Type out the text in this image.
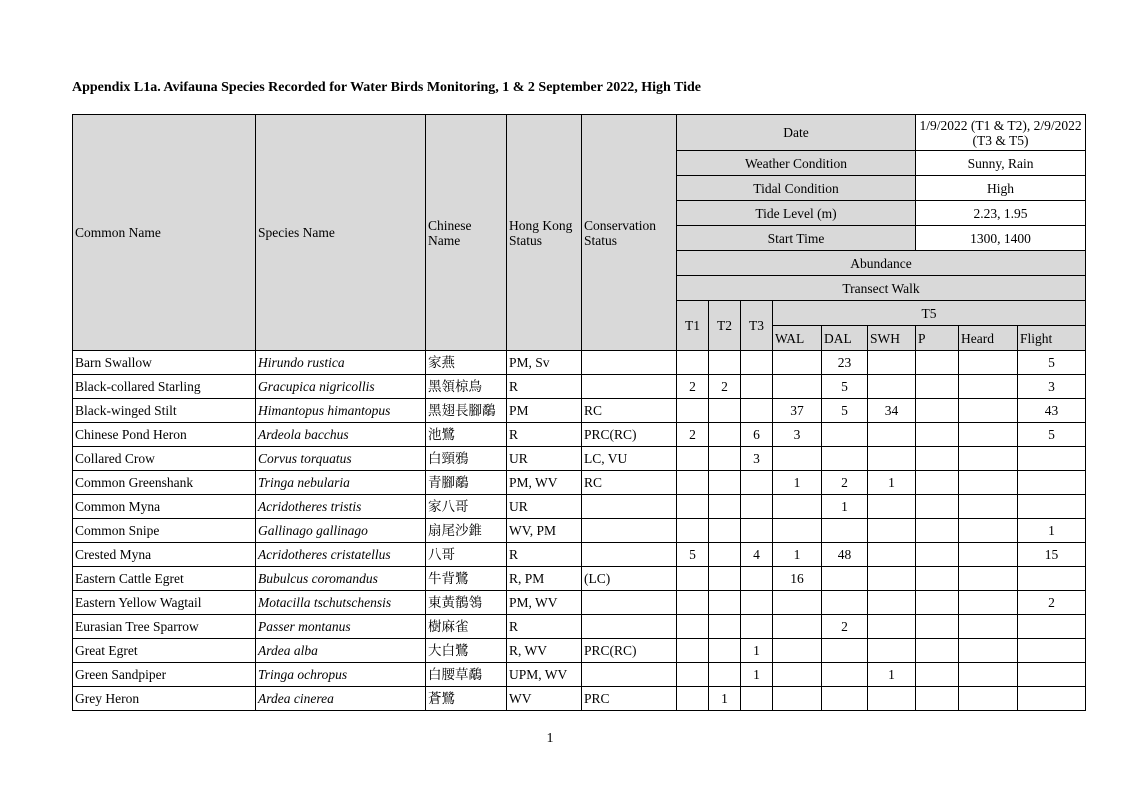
Appendix L1a. Avifauna Species Recorded for Water Birds Monitoring, 1 & 2 September 2022, High Tide
Common Name	Species Name	Chinese Name	Hong Kong Status	Conservation Status	Date						1/9/2022 (T1 & T2), 2/9/2022 (T3 & T5)		
					Weather Condition						Sunny, Rain		
					Tidal Condition						High		
					Tide Level (m)						2.23, 1.95		
					Start Time						1300, 1400		
					Abundance								
					Transect Walk								
					T1	T2	T3	T5					
								WAL	DAL	SWH	P	Heard	Flight
Barn Swallow	Hirundo rustica	家燕	PM, Sv						23				5
Black-collared Starling	Gracupica nigricollis	黑領椋鳥	R		2	2			5				3
Black-winged Stilt	Himantopus himantopus	黑翅長腳鷸	PM	RC				37	5	34			43
Chinese Pond Heron	Ardeola bacchus	池鷺	R	PRC(RC)	2		6	3					5
Collared Crow	Corvus torquatus	白頸鴉	UR	LC, VU			3						
Common Greenshank	Tringa nebularia	青腳鷸	PM, WV	RC				1	2	1			
Common Myna	Acridotheres tristis	家八哥	UR						1				
Common Snipe	Gallinago gallinago	扇尾沙錐	WV, PM										1
Crested Myna	Acridotheres cristatellus	八哥	R		5		4	1	48				15
Eastern Cattle Egret	Bubulcus coromandus	牛背鷺	R, PM	(LC)				16					
Eastern Yellow Wagtail	Motacilla tschutschensis	東黃鶺鴒	PM, WV										2
Eurasian Tree Sparrow	Passer montanus	樹麻雀	R						2				
Great Egret	Ardea alba	大白鷺	R, WV	PRC(RC)			1						
Green Sandpiper	Tringa ochropus	白腰草鷸	UPM, WV				1			1			
Grey Heron	Ardea cinerea	蒼鷺	WV	PRC		1							
1
